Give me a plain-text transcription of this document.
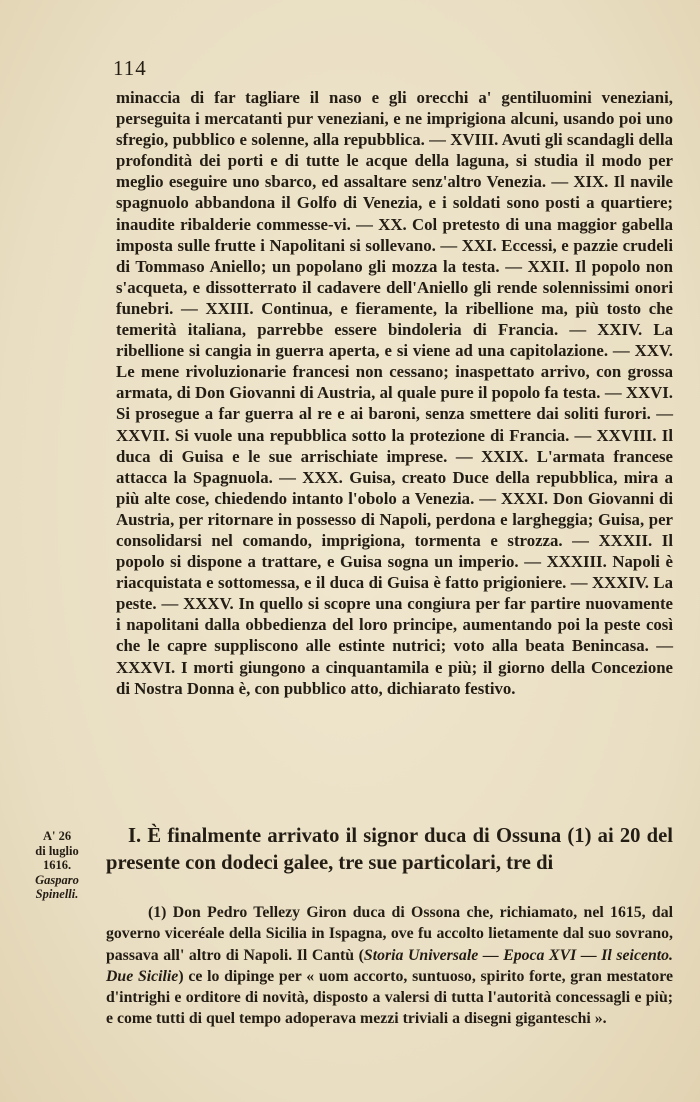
114

minaccia di far tagliare il naso e gli orecchi a' gentiluomini veneziani, perseguita i mercatanti pur veneziani, e ne imprigiona alcuni, usando poi uno sfregio, pubblico e solenne, alla repubblica. — XVIII. Avuti gli scandagli della profondità dei porti e di tutte le acque della laguna, si studia il modo per meglio eseguire uno sbarco, ed assaltare senz'altro Venezia. — XIX. Il navile spagnuolo abbandona il Golfo di Venezia, e i soldati sono posti a quartiere; inaudite ribalderie commesse-vi. — XX. Col pretesto di una maggior gabella imposta sulle frutte i Napolitani si sollevano. — XXI. Eccessi, e pazzie crudeli di Tommaso Aniello; un popolano gli mozza la testa. — XXII. Il popolo non s'acqueta, e dissotterrato il cadavere dell'Aniello gli rende solennissimi onori funebri. — XXIII. Continua, e fieramente, la ribellione ma, più tosto che temerità italiana, parrebbe essere bindoleria di Francia. — XXIV. La ribellione si cangia in guerra aperta, e si viene ad una capitolazione. — XXV. Le mene rivoluzionarie francesi non cessano; inaspettato arrivo, con grossa armata, di Don Giovanni di Austria, al quale pure il popolo fa testa. — XXVI. Si prosegue a far guerra al re e ai baroni, senza smettere dai soliti furori. — XXVII. Si vuole una repubblica sotto la protezione di Francia. — XXVIII. Il duca di Guisa e le sue arrischiate imprese. — XXIX. L'armata francese attacca la Spagnuola. — XXX. Guisa, creato Duce della repubblica, mira a più alte cose, chiedendo intanto l'obolo a Venezia. — XXXI. Don Giovanni di Austria, per ritornare in possesso di Napoli, perdona e largheggia; Guisa, per consolidarsi nel comando, imprigiona, tormenta e strozza. — XXXII. Il popolo si dispone a trattare, e Guisa sogna un imperio. — XXXIII. Napoli è riacquistata e sottomessa, e il duca di Guisa è fatto prigioniere. — XXXIV. La peste. — XXXV. In quello si scopre una congiura per far partire nuovamente i napolitani dalla obbedienza del loro principe, aumentando poi la peste così che le capre suppliscono alle estinte nutrici; voto alla beata Benincasa. — XXXVI. I morti giungono a cinquantamila e più; il giorno della Concezione di Nostra Donna è, con pubblico atto, dichiarato festivo.

A' 26
di luglio
1616.
Gasparo
Spinelli.

I. È finalmente arrivato il signor duca di Ossuna (1) ai 20 del presente con dodeci galee, tre sue particolari, tre di

(1) Don Pedro Tellezy Giron duca di Ossona che, richiamato, nel 1615, dal governo viceréale della Sicilia in Ispagna, ove fu accolto lietamente dal suo sovrano, passava all' altro di Napoli. Il Cantù (Storia Universale — Epoca XVI — Il seicento. Due Sicilie) ce lo dipinge per « uom accorto, suntuoso, spirito forte, gran mestatore d'intrighi e orditore di novità, disposto a valersi di tutta l'autorità concessagli e più; e come tutti di quel tempo adoperava mezzi triviali a disegni giganteschi ».
